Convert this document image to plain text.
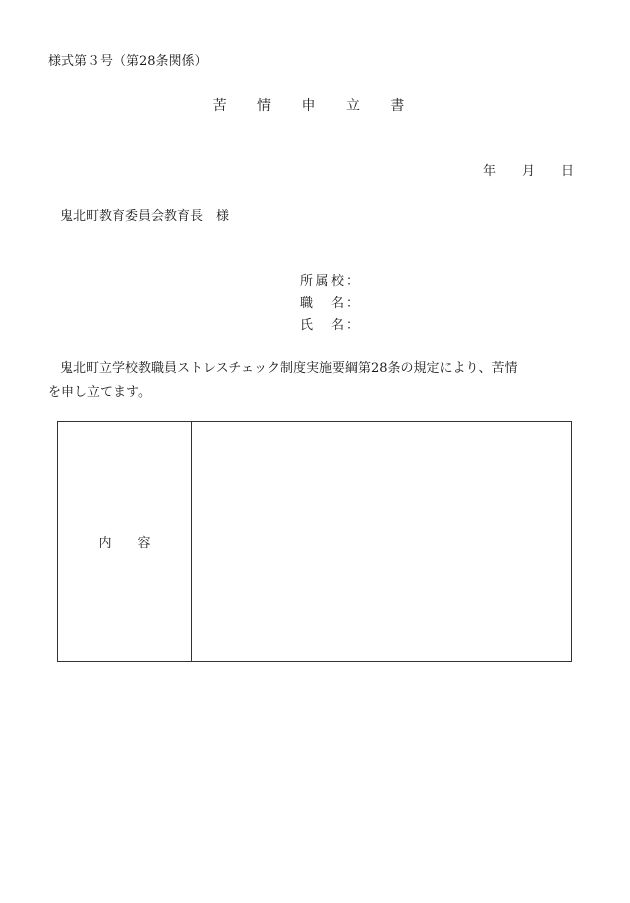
様式第３号（第28条関係）
苦 情 申 立 書
年 月 日
鬼北町教育委員会教育長 様
所属校 ：
職名 ：
氏名 ：
鬼北町立学校教職員ストレスチェック制度実施要綱第28条の規定により、苦情を申し立てます。
内容
